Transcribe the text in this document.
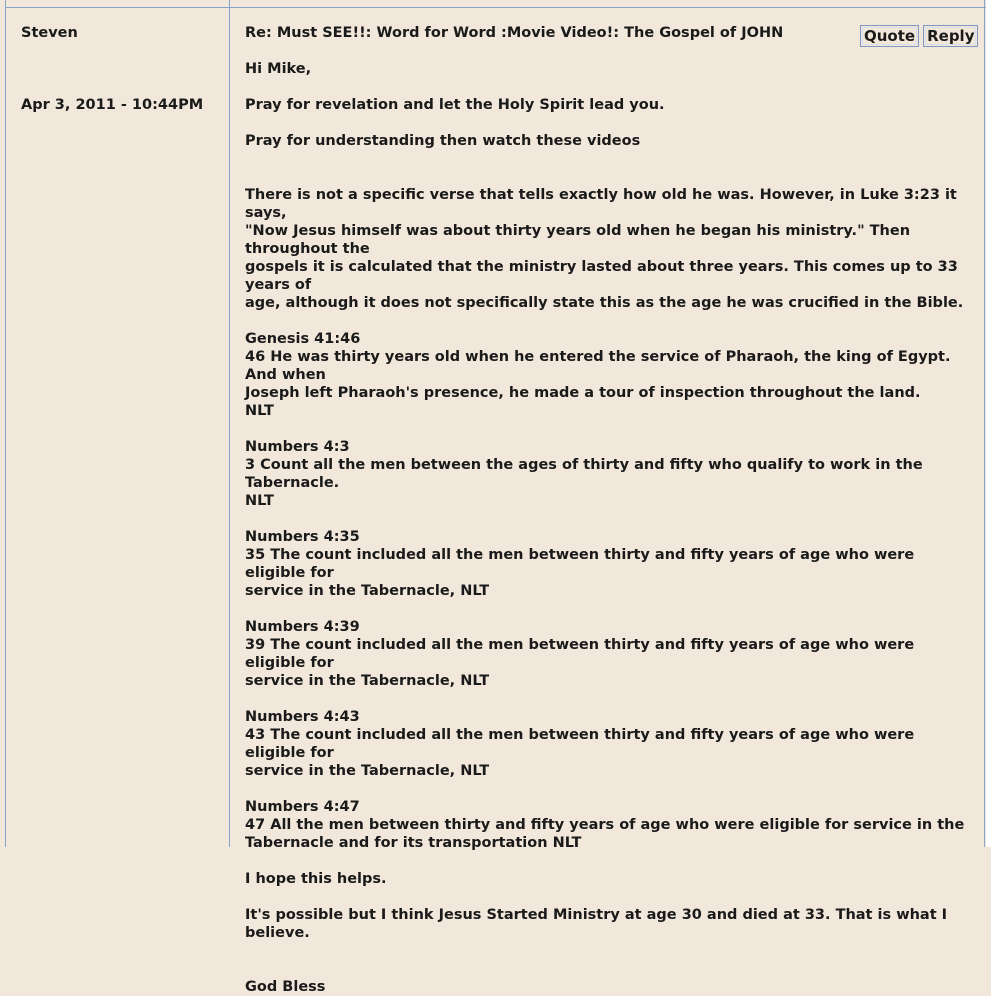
Steven
Apr 3, 2011 - 10:44PM
Re: Must SEE!!: Word for Word :Movie Video!: The Gospel of JOHN	Quote Reply

Hi Mike,

Pray for revelation and let the Holy Spirit lead you.

Pray for understanding then watch these videos

There is not a specific verse that tells exactly how old he was. However, in Luke 3:23 it says,
"Now Jesus himself was about thirty years old when he began his ministry." Then throughout the
gospels it is calculated that the ministry lasted about three years. This comes up to 33 years of
age, although it does not specifically state this as the age he was crucified in the Bible.
Genesis 41:46
46 He was thirty years old when he entered the service of Pharaoh, the king of Egypt. And when
Joseph left Pharaoh's presence, he made a tour of inspection throughout the land.
NLT
Numbers 4:3
3 Count all the men between the ages of thirty and fifty who qualify to work in the Tabernacle.
NLT
Numbers 4:35
35 The count included all the men between thirty and fifty years of age who were eligible for
service in the Tabernacle, NLT
Numbers 4:39
39 The count included all the men between thirty and fifty years of age who were eligible for
service in the Tabernacle, NLT
Numbers 4:43
43 The count included all the men between thirty and fifty years of age who were eligible for
service in the Tabernacle, NLT
Numbers 4:47
47 All the men between thirty and fifty years of age who were eligible for service in the
Tabernacle and for its transportation NLT

I hope this helps.

It's possible but I think Jesus Started Ministry at age 30 and died at 33. That is what I believe.

God Bless
